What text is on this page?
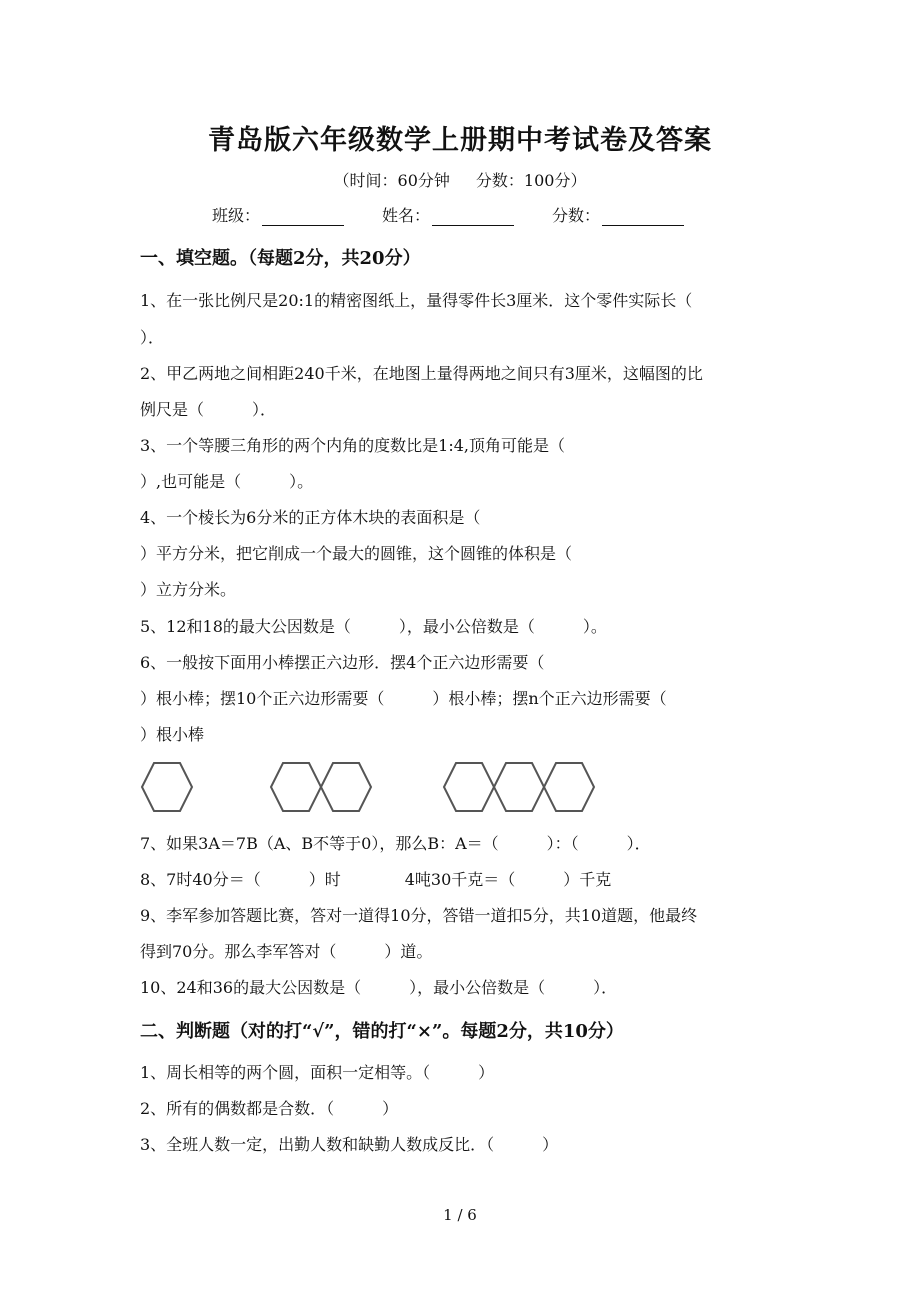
青岛版六年级数学上册期中考试卷及答案
（时间：60分钟 分数：100分）
班级：	姓名：	分数：
一、填空题。（每题2分，共20分）
1、在一张比例尺是20:1的精密图纸上，量得零件长3厘米．这个零件实际长（
）．
2、甲乙两地之间相距240千米，在地图上量得两地之间只有3厘米，这幅图的比
例尺是（　　　）．
3、一个等腰三角形的两个内角的度数比是1:4,顶角可能是（
）,也可能是（　　　）。
4、一个棱长为6分米的正方体木块的表面积是（
）平方分米，把它削成一个最大的圆锥，这个圆锥的体积是（
）立方分米。
5、12和18的最大公因数是（　　　），最小公倍数是（　　　）。
6、一般按下面用小棒摆正六边形．摆4个正六边形需要（
）根小棒；摆10个正六边形需要（　　　）根小棒；摆n个正六边形需要（
）根小棒
7、如果3A＝7B（A、B不等于0），那么B：A＝（　　　）：（　　　）．
8、7时40分＝（　　　）时　　　　4吨30千克＝（　　　）千克
9、李军参加答题比赛，答对一道得10分，答错一道扣5分，共10道题，他最终
得到70分。那么李军答对（　　　）道。
10、24和36的最大公因数是（　　　），最小公倍数是（　　　）．
二、判断题（对的打“√”，错的打“×”。每题2分，共10分）
1、周长相等的两个圆，面积一定相等。（　　　）
2、所有的偶数都是合数．（　　　）
3、全班人数一定，出勤人数和缺勤人数成反比．（　　　）
1 / 6
